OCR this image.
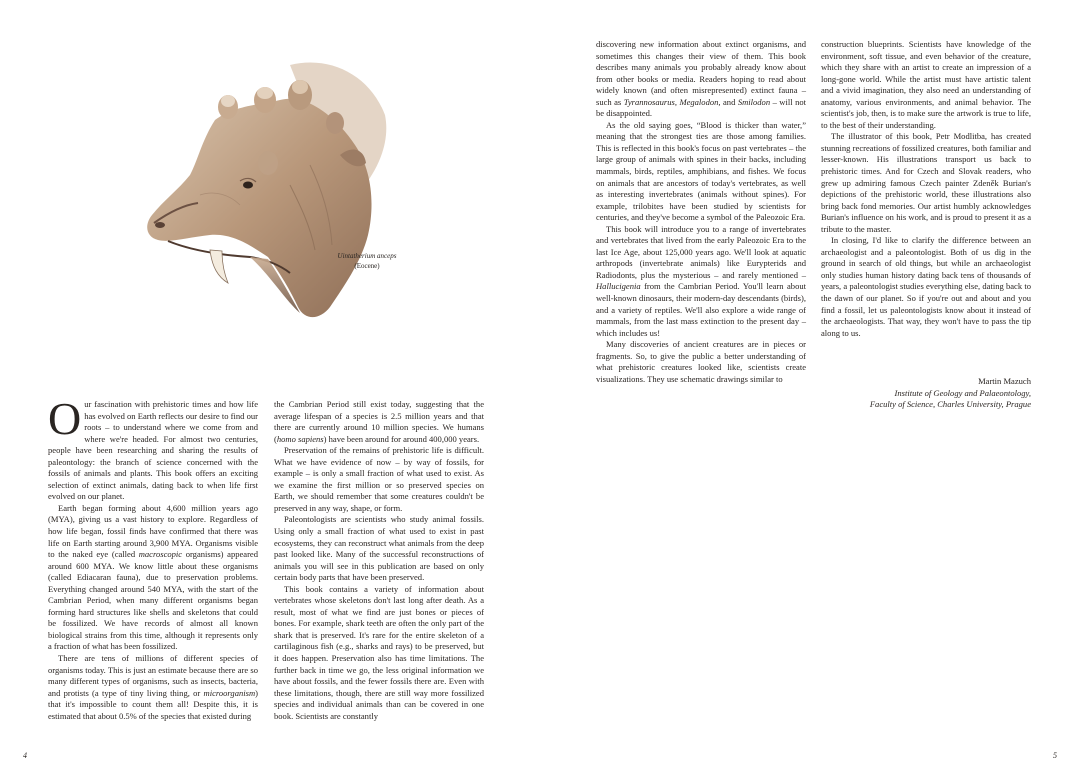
Uintatherium anceps
(Eocene)

Our fascination with prehistoric times and how life has evolved on Earth reflects our desire to find our roots – to understand where we come from and where we're headed. For almost two centuries, people have been researching and sharing the results of paleontology: the branch of science concerned with the fossils of animals and plants. This book offers an exciting selection of extinct animals, dating back to when life first evolved on our planet.

Earth began forming about 4,600 million years ago (MYA), giving us a vast history to explore. Regardless of how life began, fossil finds have confirmed that there was life on Earth starting around 3,900 MYA. Organisms visible to the naked eye (called macroscopic organisms) appeared around 600 MYA. We know little about these organisms (called Ediacaran fauna), due to preservation problems. Everything changed around 540 MYA, with the start of the Cambrian Period, when many different organisms began forming hard structures like shells and skeletons that could be fossilized. We have records of almost all known biological strains from this time, although it represents only a fraction of what has been fossilized.

There are tens of millions of different species of organisms today. This is just an estimate because there are so many different types of organisms, such as insects, bacteria, and protists (a type of tiny living thing, or microorganism) that it's impossible to count them all! Despite this, it is estimated that about 0.5% of the species that existed during

the Cambrian Period still exist today, suggesting that the average lifespan of a species is 2.5 million years and that there are currently around 10 million species. We humans (homo sapiens) have been around for around 400,000 years.

Preservation of the remains of prehistoric life is difficult. What we have evidence of now – by way of fossils, for example – is only a small fraction of what used to exist. As we examine the first million or so preserved species on Earth, we should remember that some creatures couldn't be preserved in any way, shape, or form.

Paleontologists are scientists who study animal fossils. Using only a small fraction of what used to exist in past ecosystems, they can reconstruct what animals from the deep past looked like. Many of the successful reconstructions of animals you will see in this publication are based on only certain body parts that have been preserved.

This book contains a variety of information about vertebrates whose skeletons don't last long after death. As a result, most of what we find are just bones or pieces of bones. For example, shark teeth are often the only part of the shark that is preserved. It's rare for the entire skeleton of a cartilaginous fish (e.g., sharks and rays) to be preserved, but it does happen. Preservation also has time limitations. The further back in time we go, the less original information we have about fossils, and the fewer fossils there are. Even with these limitations, though, there are still way more fossilized species and individual animals than can be covered in one book. Scientists are constantly

discovering new information about extinct organisms, and sometimes this changes their view of them. This book describes many animals you probably already know about from other books or media. Readers hoping to read about widely known (and often misrepresented) extinct fauna – such as Tyrannosaurus, Megalodon, and Smilodon – will not be disappointed.

As the old saying goes, “Blood is thicker than water,” meaning that the strongest ties are those among families. This is reflected in this book's focus on past vertebrates – the large group of animals with spines in their backs, including mammals, birds, reptiles, amphibians, and fishes. We focus on animals that are ancestors of today's vertebrates, as well as interesting invertebrates (animals without spines). For example, trilobites have been studied by scientists for centuries, and they've become a symbol of the Paleozoic Era.

This book will introduce you to a range of invertebrates and vertebrates that lived from the early Paleozoic Era to the last Ice Age, about 125,000 years ago. We'll look at aquatic arthropods (invertebrate animals) like Eurypterids and Radiodonts, plus the mysterious – and rarely mentioned – Hallucigenia from the Cambrian Period. You'll learn about well-known dinosaurs, their modern-day descendants (birds), and a variety of reptiles. We'll also explore a wide range of mammals, from the last mass extinction to the present day – which includes us!

Many discoveries of ancient creatures are in pieces or fragments. So, to give the public a better understanding of what prehistoric creatures looked like, scientists create visualizations. They use schematic drawings similar to

construction blueprints. Scientists have knowledge of the environment, soft tissue, and even behavior of the creature, which they share with an artist to create an impression of a long-gone world. While the artist must have artistic talent and a vivid imagination, they also need an understanding of anatomy, various environments, and animal behavior. The scientist's job, then, is to make sure the artwork is true to life, to the best of their understanding.

The illustrator of this book, Petr Modlitba, has created stunning recreations of fossilized creatures, both familiar and lesser-known. His illustrations transport us back to prehistoric times. And for Czech and Slovak readers, who grew up admiring famous Czech painter Zdeněk Burian's depictions of the prehistoric world, these illustrations also bring back fond memories. Our artist humbly acknowledges Burian's influence on his work, and is proud to present it as a tribute to the master.

In closing, I'd like to clarify the difference between an archaeologist and a paleontologist. Both of us dig in the ground in search of old things, but while an archaeologist only studies human history dating back tens of thousands of years, a paleontologist studies everything else, dating back to the dawn of our planet. So if you're out and about and you find a fossil, let us paleontologists know about it instead of the archaeologists. That way, they won't have to pass the tip along to us.

Martin Mazuch

Institute of Geology and Palaeontology,
Faculty of Science, Charles University, Prague
4	5
